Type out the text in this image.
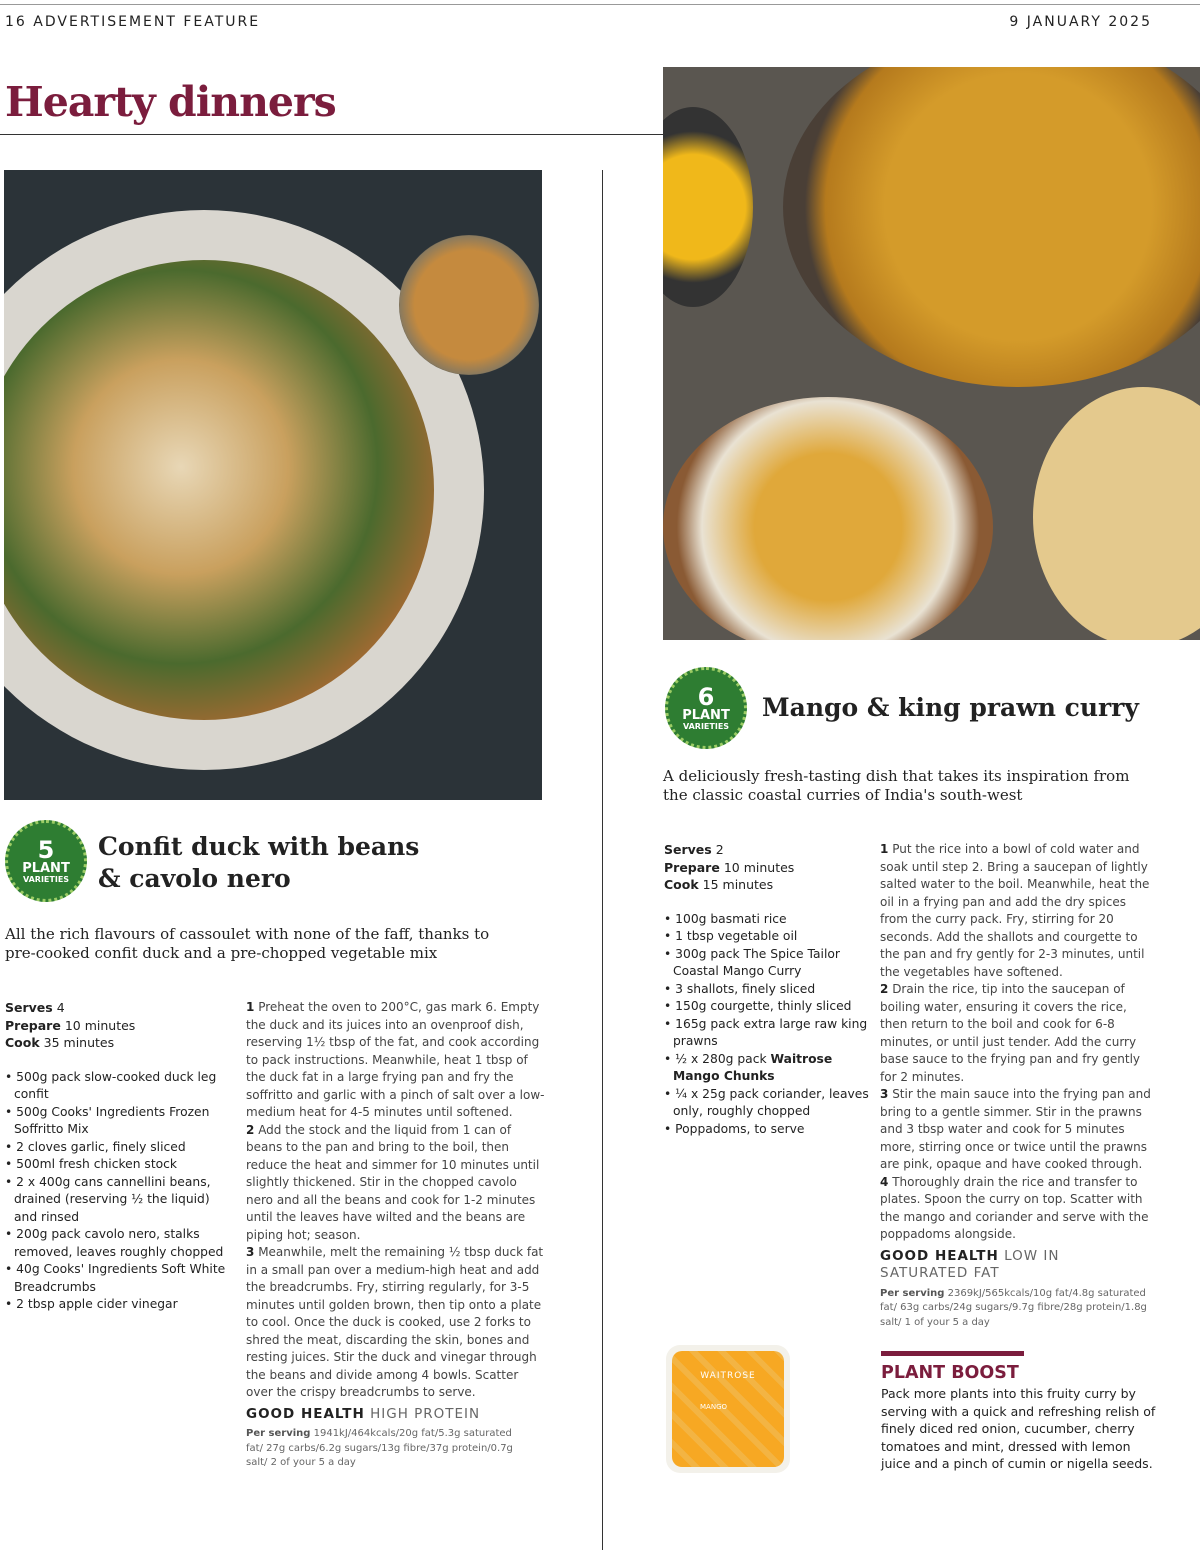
16 ADVERTISEMENT FEATURE	9 JANUARY 2025
Hearty dinners
6
PLANT
VARIETIES
Mango & king prawn curry

A deliciously fresh-tasting dish that takes its inspiration from the classic coastal curries of India's south-west

Serves 2
Prepare 10 minutes
Cook 15 minutes
• 100g basmati rice
• 1 tbsp vegetable oil
• 300g pack The Spice Tailor Coastal Mango Curry
• 3 shallots, finely sliced
• 150g courgette, thinly sliced
• 165g pack extra large raw king prawns
• ½ x 280g pack Waitrose Mango Chunks
• ¼ x 25g pack coriander, leaves only, roughly chopped
• Poppadoms, to serve

1 Put the rice into a bowl of cold water and soak until step 2. Bring a saucepan of lightly salted water to the boil. Meanwhile, heat the oil in a frying pan and add the dry spices from the curry pack. Fry, stirring for 20 seconds. Add the shallots and courgette to the pan and fry gently for 2-3 minutes, until the vegetables have softened.

2 Drain the rice, tip into the saucepan of boiling water, ensuring it covers the rice, then return to the boil and cook for 6-8 minutes, or until just tender. Add the curry base sauce to the frying pan and fry gently for 2 minutes.

3 Stir the main sauce into the frying pan and bring to a gentle simmer. Stir in the prawns and 3 tbsp water and cook for 5 minutes more, stirring once or twice until the prawns are pink, opaque and have cooked through.

4 Thoroughly drain the rice and transfer to plates. Spoon the curry on top. Scatter with the mango and coriander and serve with the poppadoms alongside.

GOOD HEALTH LOW IN SATURATED FAT
Per serving 2369kJ/565kcals/10g fat/4.8g saturated fat/ 63g carbs/24g sugars/9.7g fibre/28g protein/1.8g salt/ 1 of your 5 a day
WAITROSE
MANGO
PLANT BOOST

Pack more plants into this fruity curry by serving with a quick and refreshing relish of finely diced red onion, cucumber, cherry tomatoes and mint, dressed with lemon juice and a pinch of cumin or nigella seeds.

5
PLANT
VARIETIES
Confit duck with beans
& cavolo nero

All the rich flavours of cassoulet with none of the faff, thanks to pre-cooked confit duck and a pre-chopped vegetable mix

Serves 4
Prepare 10 minutes
Cook 35 minutes
• 500g pack slow-cooked duck leg confit
• 500g Cooks' Ingredients Frozen Soffritto Mix
• 2 cloves garlic, finely sliced
• 500ml fresh chicken stock
• 2 x 400g cans cannellini beans, drained (reserving ½ the liquid) and rinsed
• 200g pack cavolo nero, stalks removed, leaves roughly chopped
• 40g Cooks' Ingredients Soft White Breadcrumbs
• 2 tbsp apple cider vinegar

1 Preheat the oven to 200°C, gas mark 6. Empty the duck and its juices into an ovenproof dish, reserving 1½ tbsp of the fat, and cook according to pack instructions. Meanwhile, heat 1 tbsp of the duck fat in a large frying pan and fry the soffritto and garlic with a pinch of salt over a low-medium heat for 4-5 minutes until softened.

2 Add the stock and the liquid from 1 can of beans to the pan and bring to the boil, then reduce the heat and simmer for 10 minutes until slightly thickened. Stir in the chopped cavolo nero and all the beans and cook for 1-2 minutes until the leaves have wilted and the beans are piping hot; season.

3 Meanwhile, melt the remaining ½ tbsp duck fat in a small pan over a medium-high heat and add the breadcrumbs. Fry, stirring regularly, for 3-5 minutes until golden brown, then tip onto a plate to cool. Once the duck is cooked, use 2 forks to shred the meat, discarding the skin, bones and resting juices. Stir the duck and vinegar through the beans and divide among 4 bowls. Scatter over the crispy breadcrumbs to serve.

GOOD HEALTH HIGH PROTEIN
Per serving 1941kJ/464kcals/20g fat/5.3g saturated fat/ 27g carbs/6.2g sugars/13g fibre/37g protein/0.7g salt/ 2 of your 5 a day
